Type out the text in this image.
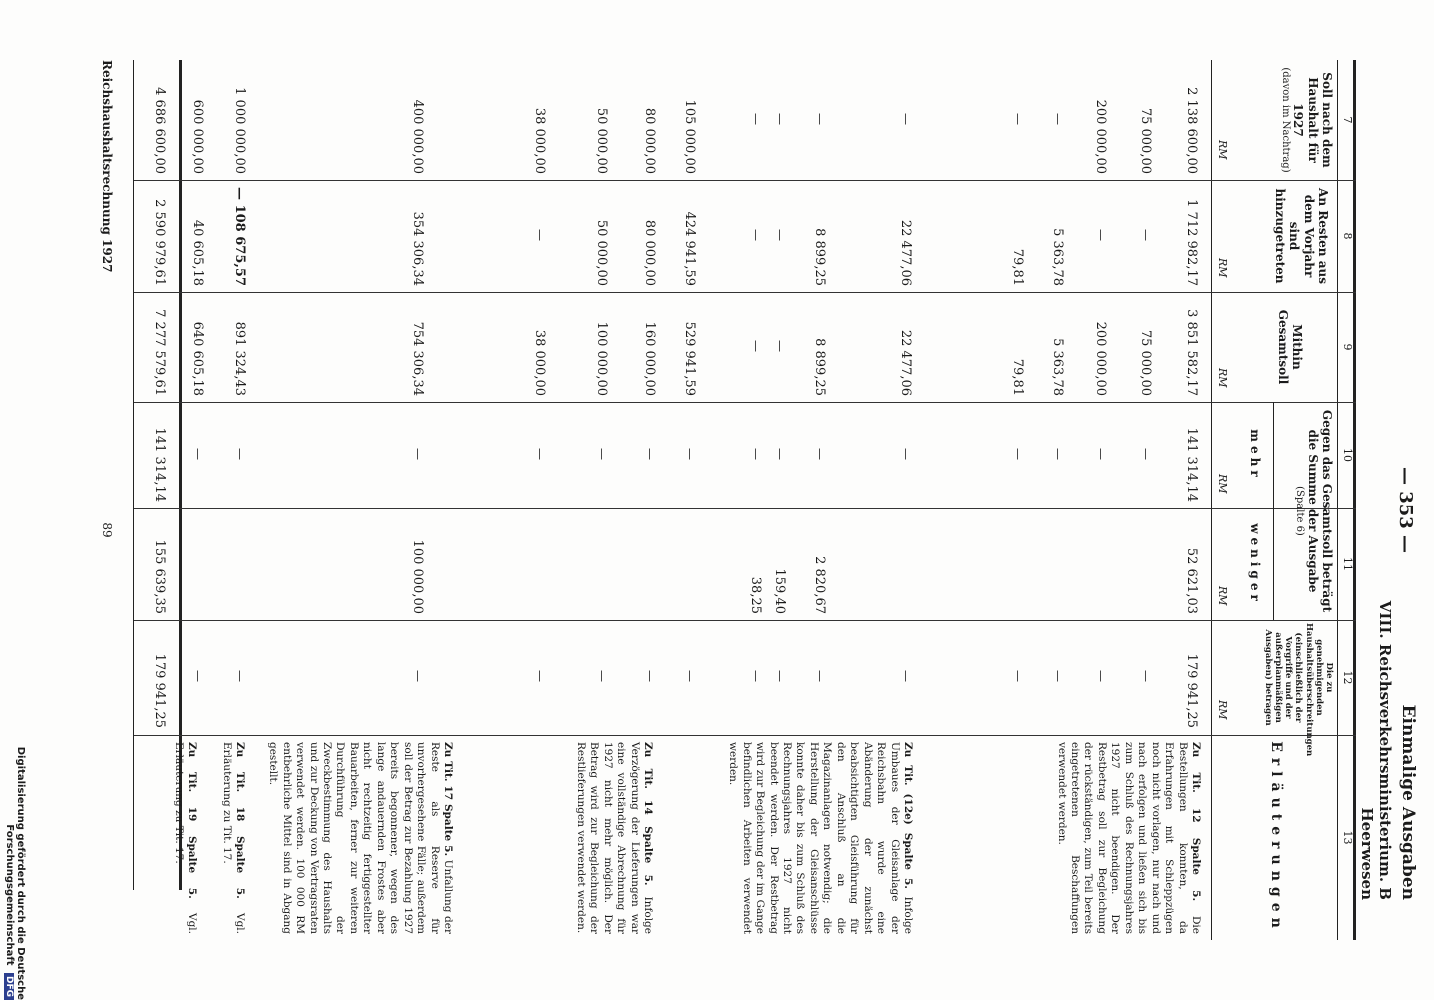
— 353 —
Einmalige Ausgaben
VIII. Reichsverkehrsministerium. B Heerwesen
7
8
9
10
11
12
13
Soll nach dem Haushalt für 1927
(davon im Nachtrag)
An Resten aus dem Vorjahr sind hinzugetreten
Mithin Gesamtsoll
Gegen das Gesamtsoll beträgt die Summe der Ausgabe
(Spalte 6)
mehr
weniger
Die zu genehmigenden Haushaltsüberschreitungen (einschließlich der Vorgriffe und der außerplanmäßigen Ausgaben) betragen
Erläuterungen
RM
RM
RM
RM
RM
RM
2 138 600,00
1 712 982,17
3 851 582,17
141 314,14
52 621,03
179 941,25
75 000,00
—
75 000,00
—
—
200 000,00
—
200 000,00
—
—
—
5 363,78
5 363,78
—
—
—
79,81
79,81
—
—
—
22 477,06
22 477,06
—
—
—
8 899,25
8 899,25
—
2 820,67
—
—
—
—
—
159,40
—
—
—
—
—
38,25
—
105 000,00
424 941,59
529 941,59
—
—
80 000,00
80 000,00
160 000,00
—
—
50 000,00
50 000,00
100 000,00
—
—
38 000,00
—
38 000,00
—
—
400 000,00
354 306,34
754 306,34
—
100 000,00
—
1 000 000,00
— 108 675,57
891 324,43
—
—
600 000,00
40 605,18
640 605,18
—
—
4 686 600,00
2 590 979,61
7 277 579,61
141 314,14
155 639,35
179 941,25
Zu Tit. 12 Spalte 5. Die Bestellungen konnten, da Erfahrungen mit Schleppzügen noch nicht vorlagen, nur nach und nach erfolgen und ließen sich bis zum Schluß des Rechnungsjahres 1927 nicht beendigen. Der Restbetrag soll zur Begleichung der rückständigen, zum Teil bereits eingetretenen Beschaffungen verwendet werden.
Zu Tit. (12e) Spalte 5. Infolge Umbaues der Gleisanlage der Reichsbahn wurde eine Abänderung der zunächst beabsichtigten Gleisführung für den Anschluß an die Magazinanlagen notwendig; die Herstellung der Gleisanschlüsse konnte daher bis zum Schluß des Rechnungsjahres 1927 nicht beendet werden. Der Restbetrag wird zur Begleichung der im Gange befindlichen Arbeiten verwendet werden.
Zu Tit. 14 Spalte 5. Infolge Verzögerung der Lieferungen war eine vollständige Abrechnung für 1927 nicht mehr möglich. Der Betrag wird zur Begleichung der Restlieferungen verwendet werden.
Zu Tit. 17 Spalte 5. Unfallung der Reste als Reserve für unvorhergesehene Fälle; außerdem soll der Betrag zur Bezahlung 1927 bereits begonnener, wegen des lange andauernden Frostes aber nicht rechtzeitig fertiggestellter Bauarbeiten, ferner zur weiteren Durchführung der Zweckbestimmung des Haushalts und zur Deckung von Vertragsraten verwendet werden. 100 000 RM entbehrliche Mittel sind in Abgang gestellt.
Zu Tit. 18 Spalte 5. Vgl. Erläuterung zu Tit. 17.
Zu Tit. 19 Spalte 5. Vgl. Erläuterung zu Tit. 17.
Reichshaushaltsrechnung 1927
89
Digitalisierung gefördert durch die Deutsche Forschungsgemeinschaft DFG
